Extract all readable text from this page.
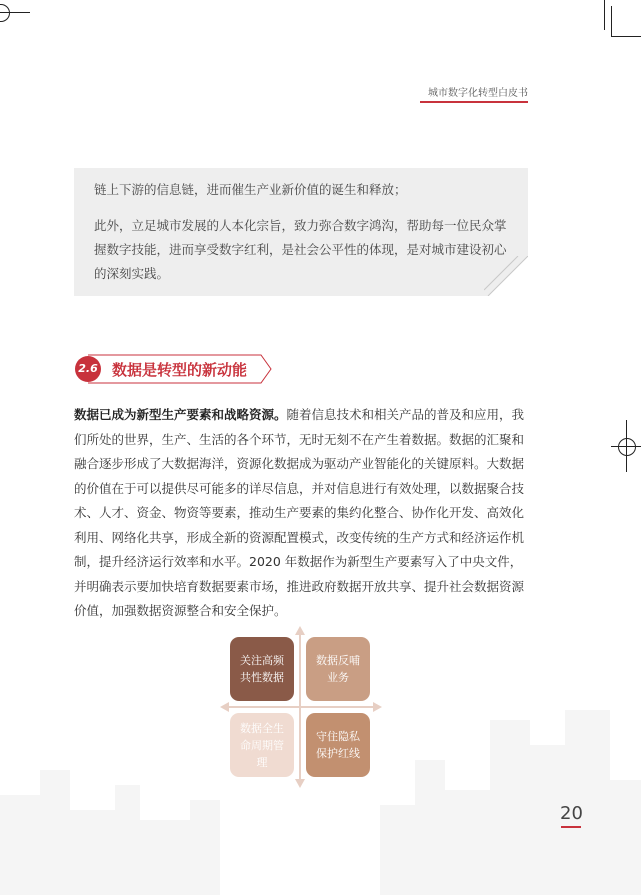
城市数字化转型白皮书

链上下游的信息链，进而催生产业新价值的诞生和释放；

此外，立足城市发展的人本化宗旨，致力弥合数字鸿沟，帮助每一位民众掌握数字技能，进而享受数字红利，是社会公平性的体现，是对城市建设初心的深刻实践。

2.6 数据是转型的新动能

数据已成为新型生产要素和战略资源。随着信息技术和相关产品的普及和应用，我们所处的世界，生产、生活的各个环节，无时无刻不在产生着数据。数据的汇聚和融合逐步形成了大数据海洋，资源化数据成为驱动产业智能化的关键原料。大数据的价值在于可以提供尽可能多的详尽信息，并对信息进行有效处理，以数据聚合技术、人才、资金、物资等要素，推动生产要素的集约化整合、协作化开发、高效化利用、网络化共享，形成全新的资源配置模式，改变传统的生产方式和经济运作机制，提升经济运行效率和水平。2020 年数据作为新型生产要素写入了中央文件，并明确表示要加快培育数据要素市场，推进政府数据开放共享、提升社会数据资源价值，加强数据资源整合和安全保护。

关注高频共性数据
数据反哺业务
数据全生命周期管理
守住隐私保护红线
20
